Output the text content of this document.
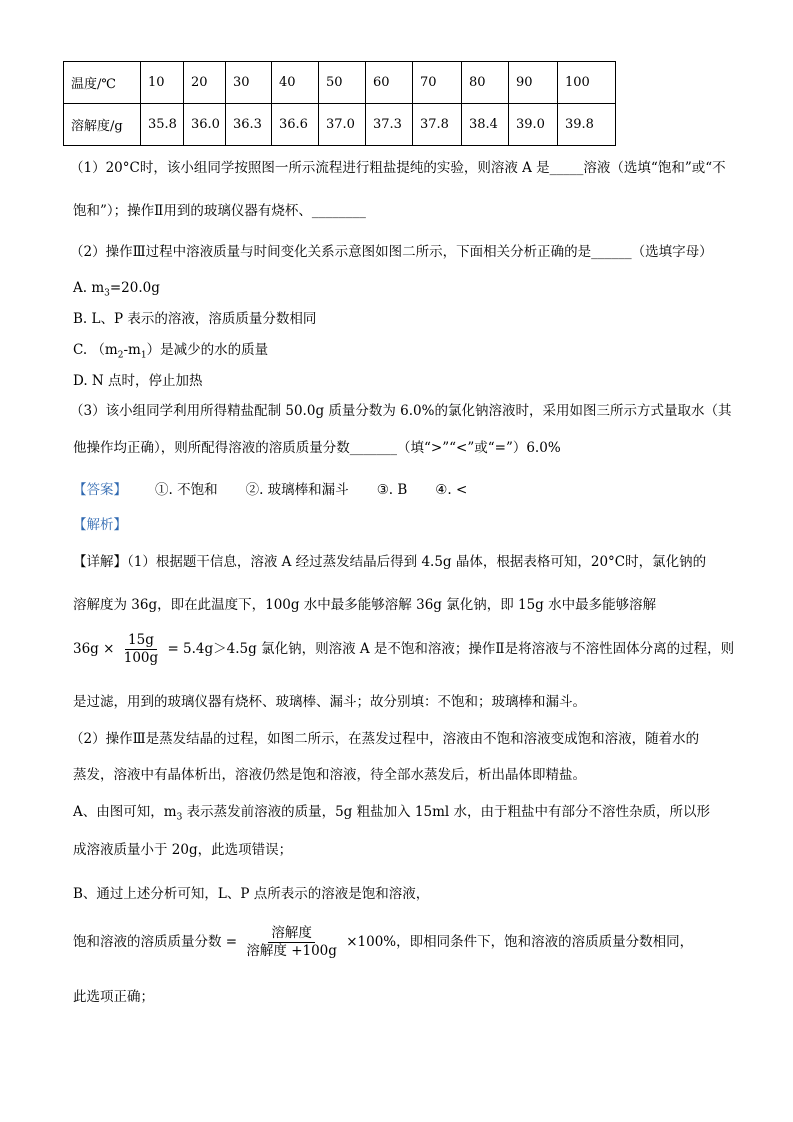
温度/℃	10	20	30	40	50	60	70	80	90	100
溶解度/g	35.8	36.0	36.3	36.6	37.0	37.3	37.8	38.4	39.0	39.8
（1）20°C时，该小组同学按照图一所示流程进行粗盐提纯的实验，则溶液 A 是_____溶液（选填“饱和”或“不
饱和”）；操作Ⅱ用到的玻璃仪器有烧杯、________
（2）操作Ⅲ过程中溶液质量与时间变化关系示意图如图二所示，下面相关分析正确的是______（选填字母）
A. $m_3=20.0g$
B. L、P 表示的溶液，溶质质量分数相同
C. $(m_2-m_1)$是减少的水的质量
D. N 点时，停止加热
（3）该小组同学利用所得精盐配制 50.0g 质量分数为 6.0%的氯化钠溶液时，采用如图三所示方式量取水（其
他操作均正确），则所配得溶液的溶质质量分数_______（填“>”“<”或“=”）6.0%
【答案】 ①. 不饱和 ②. 玻璃棒和漏斗 ③. B ④. <
【解析】
【详解】（1）根据题干信息，溶液 A 经过蒸发结晶后得到 4.5g 晶体，根据表格可知，20°C时，氯化钠的
溶解度为 36g，即在此温度下，100g 水中最多能够溶解 36g 氯化钠，即 15g 水中最多能够溶解
$36g \times \frac{15g}{100g} = 5.4g>4.5g$ 氯化钠，则溶液 A 是不饱和溶液；操作Ⅱ是将溶液与不溶性固体分离的过程，则
是过滤，用到的玻璃仪器有烧杯、玻璃棒、漏斗；故分别填：不饱和；玻璃棒和漏斗。
（2）操作Ⅲ是蒸发结晶的过程，如图二所示，在蒸发过程中，溶液由不饱和溶液变成饱和溶液，随着水的
蒸发，溶液中有晶体析出，溶液仍然是饱和溶液，待全部水蒸发后，析出晶体即精盐。
A、由图可知，$m_3$ 表示蒸发前溶液的质量，5g 粗盐加入 15ml 水，由于粗盐中有部分不溶性杂质，所以形
成溶液质量小于 20g，此选项错误；
B、通过上述分析可知，L、P 点所表示的溶液是饱和溶液，
饱和溶液的溶质质量分数 = $\frac{\text{溶解度}}{\text{溶解度 +100g}} \times 100\%$，即相同条件下，饱和溶液的溶质质量分数相同，
此选项正确；
